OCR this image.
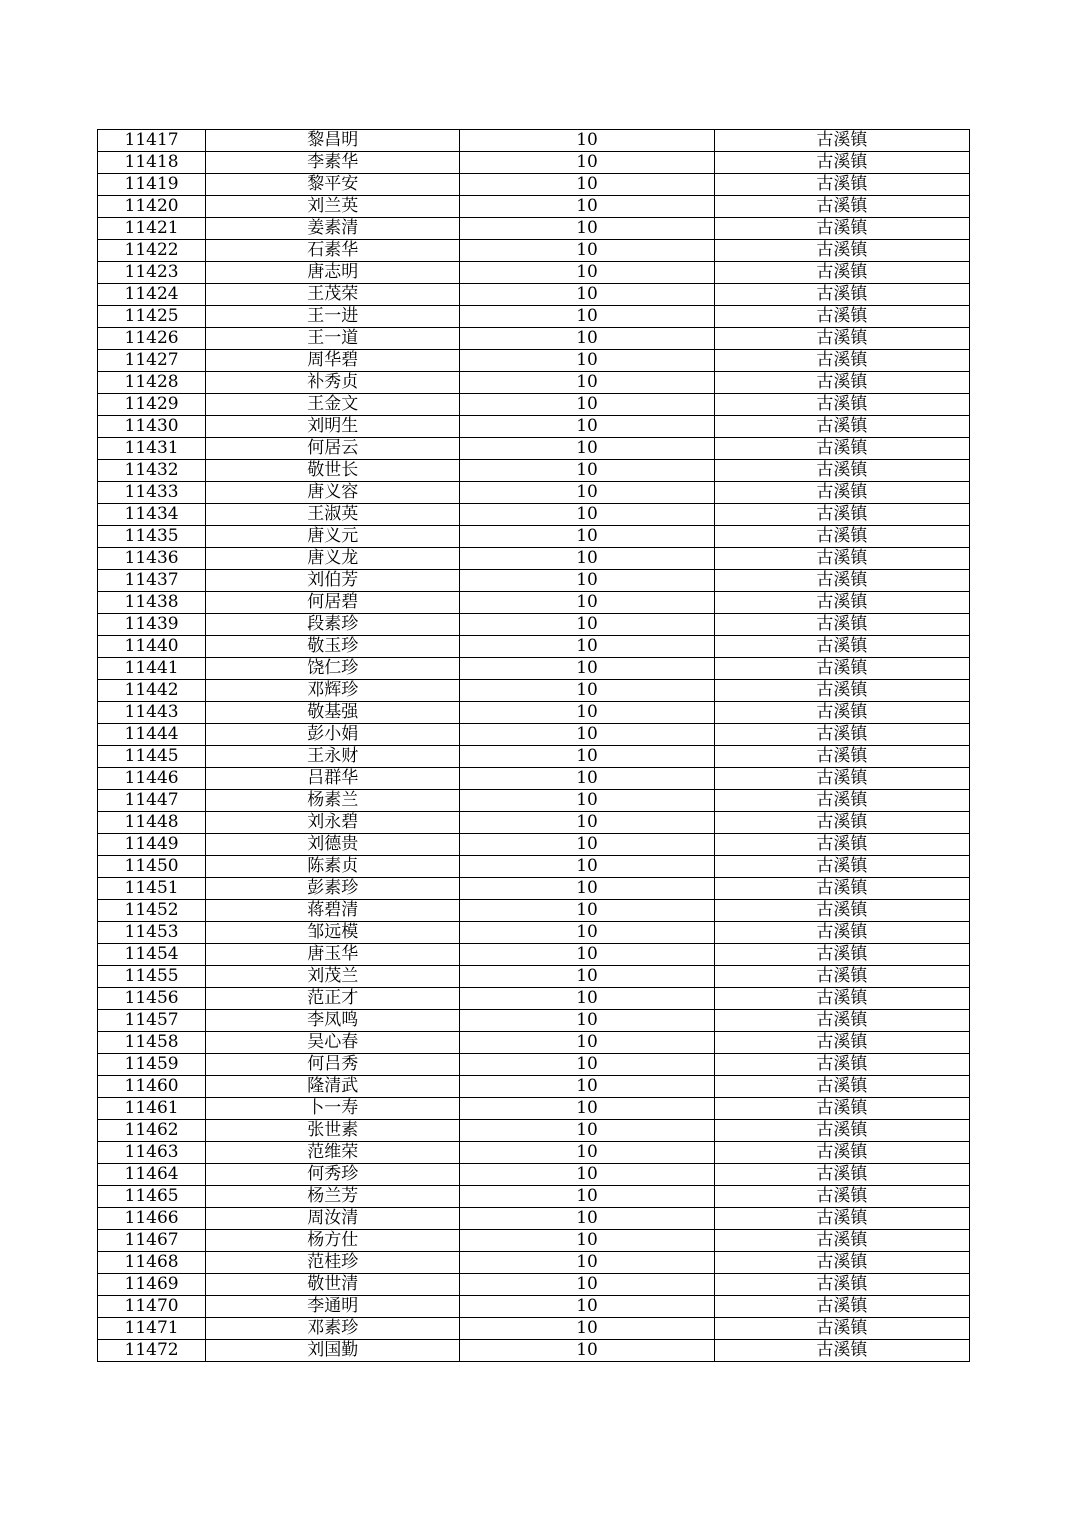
11417	黎昌明	10	古溪镇
11418	李素华	10	古溪镇
11419	黎平安	10	古溪镇
11420	刘兰英	10	古溪镇
11421	姜素清	10	古溪镇
11422	石素华	10	古溪镇
11423	唐志明	10	古溪镇
11424	王茂荣	10	古溪镇
11425	王一进	10	古溪镇
11426	王一道	10	古溪镇
11427	周华碧	10	古溪镇
11428	补秀贞	10	古溪镇
11429	王金文	10	古溪镇
11430	刘明生	10	古溪镇
11431	何居云	10	古溪镇
11432	敬世长	10	古溪镇
11433	唐义容	10	古溪镇
11434	王淑英	10	古溪镇
11435	唐义元	10	古溪镇
11436	唐义龙	10	古溪镇
11437	刘伯芳	10	古溪镇
11438	何居碧	10	古溪镇
11439	段素珍	10	古溪镇
11440	敬玉珍	10	古溪镇
11441	饶仁珍	10	古溪镇
11442	邓辉珍	10	古溪镇
11443	敬基强	10	古溪镇
11444	彭小娟	10	古溪镇
11445	王永财	10	古溪镇
11446	吕群华	10	古溪镇
11447	杨素兰	10	古溪镇
11448	刘永碧	10	古溪镇
11449	刘德贵	10	古溪镇
11450	陈素贞	10	古溪镇
11451	彭素珍	10	古溪镇
11452	蒋碧清	10	古溪镇
11453	邹远模	10	古溪镇
11454	唐玉华	10	古溪镇
11455	刘茂兰	10	古溪镇
11456	范正才	10	古溪镇
11457	李凤鸣	10	古溪镇
11458	吴心春	10	古溪镇
11459	何吕秀	10	古溪镇
11460	隆清武	10	古溪镇
11461	卜一寿	10	古溪镇
11462	张世素	10	古溪镇
11463	范维荣	10	古溪镇
11464	何秀珍	10	古溪镇
11465	杨兰芳	10	古溪镇
11466	周汝清	10	古溪镇
11467	杨方仕	10	古溪镇
11468	范桂珍	10	古溪镇
11469	敬世清	10	古溪镇
11470	李通明	10	古溪镇
11471	邓素珍	10	古溪镇
11472	刘国勤	10	古溪镇
